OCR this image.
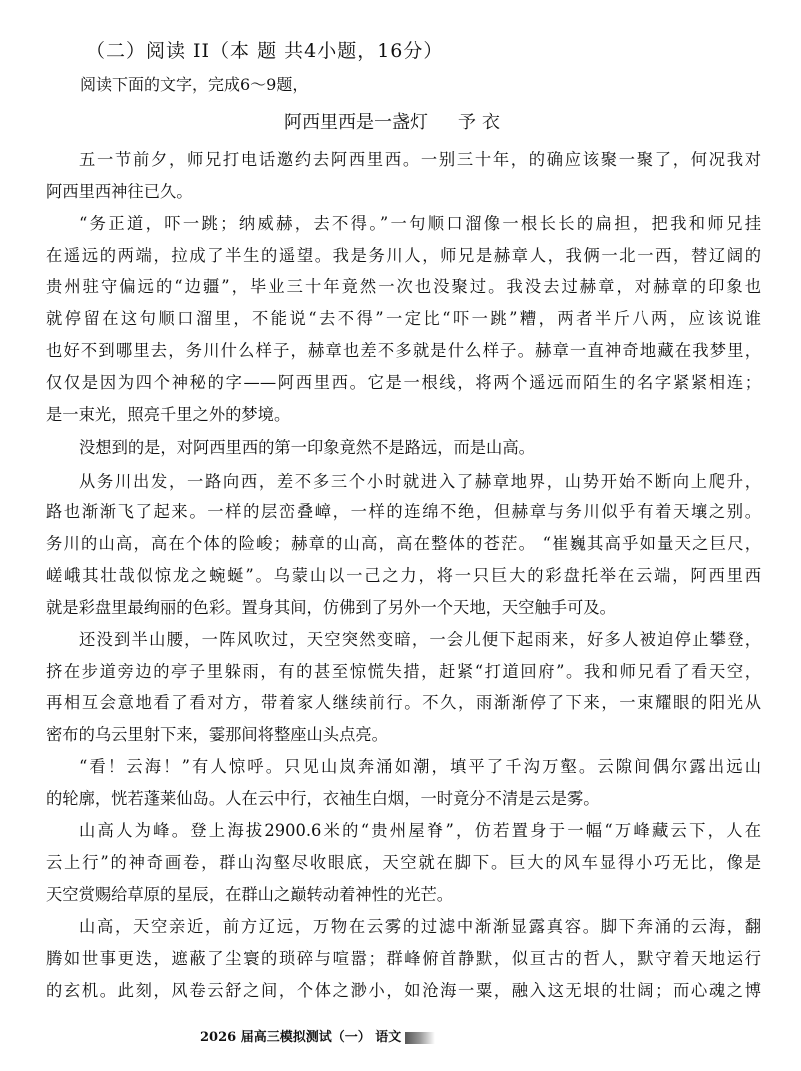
（二）阅读 II（本 题 共4小题，16分）
阅读下面的文字，完成6～9题，
阿西里西是一盏灯 予衣
五一节前夕，师兄打电话邀约去阿西里西。一别三十年，的确应该聚一聚了，何况我对
阿西里西神往已久。
“务正道，吓一跳；纳威赫，去不得。”一句顺口溜像一根长长的扁担，把我和师兄挂
在遥远的两端，拉成了半生的遥望。我是务川人，师兄是赫章人，我俩一北一西，替辽阔的
贵州驻守偏远的“边疆”，毕业三十年竟然一次也没聚过。我没去过赫章，对赫章的印象也
就停留在这句顺口溜里，不能说“去不得”一定比“吓一跳”糟，两者半斤八两，应该说谁
也好不到哪里去，务川什么样子，赫章也差不多就是什么样子。赫章一直神奇地藏在我梦里，
仅仅是因为四个神秘的字——阿西里西。它是一根线，将两个遥远而陌生的名字紧紧相连；
是一束光，照亮千里之外的梦境。
没想到的是，对阿西里西的第一印象竟然不是路远，而是山高。
从务川出发，一路向西，差不多三个小时就进入了赫章地界，山势开始不断向上爬升，
路也渐渐飞了起来。一样的层峦叠嶂，一样的连绵不绝，但赫章与务川似乎有着天壤之别。
务川的山高，高在个体的险峻；赫章的山高，高在整体的苍茫。 “崔巍其高乎如量天之巨尺，
嵯峨其壮哉似惊龙之蜿蜒”。乌蒙山以一己之力，将一只巨大的彩盘托举在云端，阿西里西
就是彩盘里最绚丽的色彩。置身其间，仿佛到了另外一个天地，天空触手可及。
还没到半山腰，一阵风吹过，天空突然变暗，一会儿便下起雨来，好多人被迫停止攀登，
挤在步道旁边的亭子里躲雨，有的甚至惊慌失措，赶紧“打道回府”。我和师兄看了看天空，
再相互会意地看了看对方，带着家人继续前行。不久，雨渐渐停了下来，一束耀眼的阳光从
密布的乌云里射下来，霎那间将整座山头点亮。
“看！云海！”有人惊呼。只见山岚奔涌如潮，填平了千沟万壑。云隙间偶尔露出远山
的轮廓，恍若蓬莱仙岛。人在云中行，衣袖生白烟，一时竟分不清是云是雾。
山高人为峰。登上海拔2900.6米的“贵州屋脊”，仿若置身于一幅“万峰藏云下，人在
云上行”的神奇画卷，群山沟壑尽收眼底，天空就在脚下。巨大的风车显得小巧无比，像是
天空赏赐给草原的星辰，在群山之巅转动着神性的光芒。
山高，天空亲近，前方辽远，万物在云雾的过滤中渐渐显露真容。脚下奔涌的云海，翻
腾如世事更迭，遮蔽了尘寰的琐碎与喧嚣；群峰俯首静默，似亘古的哲人，默守着天地运行
的玄机。此刻，风卷云舒之间，个体之渺小，如沧海一粟，融入这无垠的壮阔；而心魂之博
2026 届高三模拟测试（一） 语文
